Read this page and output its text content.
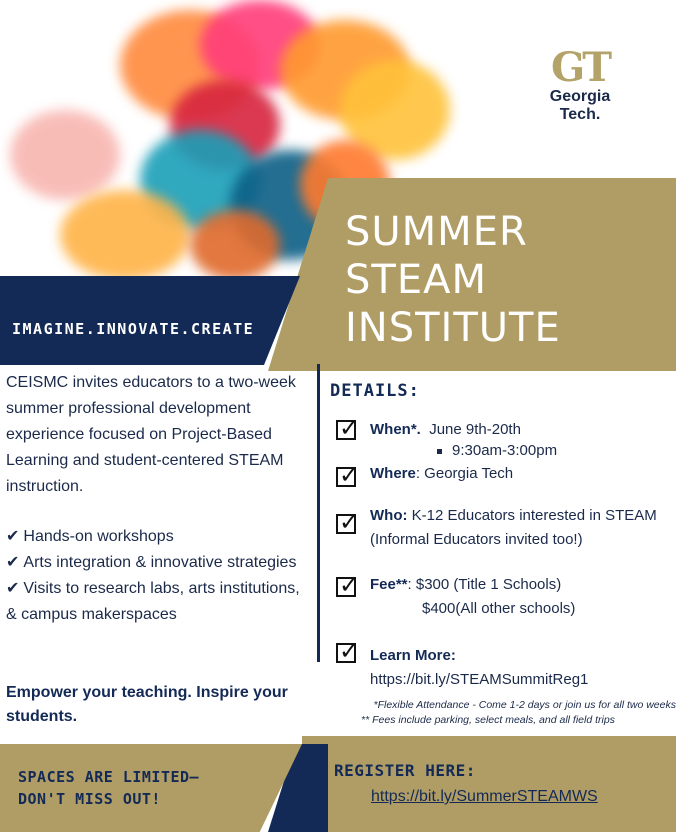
GT
Georgia
Tech.
SUMMER
STEAM
INSTITUTE
IMAGINE.INNOVATE.CREATE

CEISMC invites educators to a two-week summer professional development experience focused on Project-Based Learning and student-centered STEAM instruction.

✔ Hands-on workshops
✔ Arts integration & innovative strategies
✔ Visits to research labs, arts institutions, & campus makerspaces

Empower your teaching. Inspire your students.

DETAILS:
✓ When*. June 9th-20th
9:30am-3:00pm
✓ Where: Georgia Tech
✓ Who: K-12 Educators interested in STEAM (Informal Educators invited too!)
✓ Fee**: $300 (Title 1 Schools)
$400(All other schools)
✓ Learn More:
https://bit.ly/STEAMSummitReg1
*Flexible Attendance - Come 1-2 days or join us for all two weeks
** Fees include parking, select meals, and all field trips
SPACES ARE LIMITED—
DON'T MISS OUT!
REGISTER HERE:
https://bit.ly/SummerSTEAMWS
